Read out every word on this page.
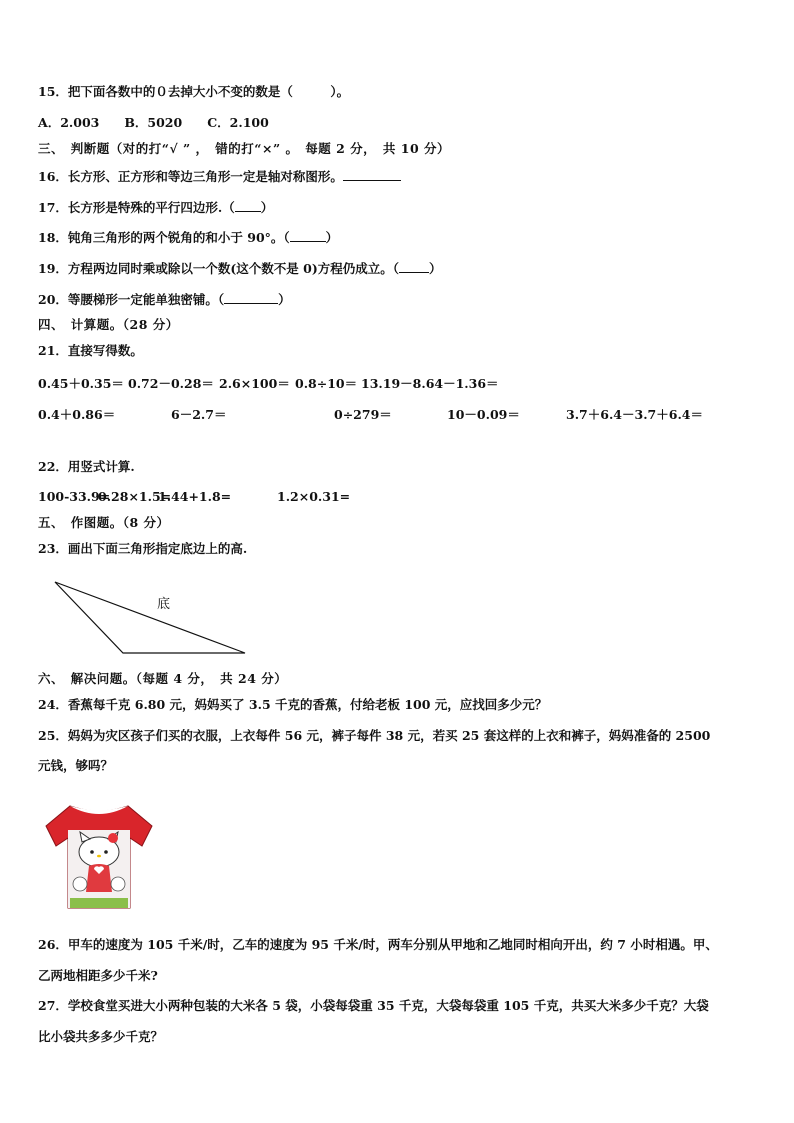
15．把下面各数中的０去掉大小不变的数是（　　　）。
A．2.003　　B．5020　　C．2.100
三、　判断题（对的打“√ ” ，　错的打“×” 。　每题 2 分，　共 10 分）
16．长方形、正方形和等边三角形一定是轴对称图形。
17．长方形是特殊的平行四边形.（ ）
18．钝角三角形的两个锐角的和小于 90°。（	）
19．方程两边同时乘或除以一个数(这个数不是 0)方程仍成立。（ ）
20．等腰梯形一定能单独密铺。（	）
四、　计算题。（28 分）
21．直接写得数。
0.45＋0.35＝ 0.72－0.28＝ 2.6×100＝ 0.8÷10＝ 13.19－8.64－1.36＝
0.4＋0.86＝	6－2.7＝	0÷279＝	10－0.09＝	3.7＋6.4－3.7＋6.4＝
22．用竖式计算.
100-33.9=
0.28×1.5=
1.44+1.8=	1.2×0.31=
五、　作图题。（8 分）
23．画出下面三角形指定底边上的高.
底
六、　解决问题。（每题 4 分，　共 24 分）
24．香蕉每千克 6.80 元，妈妈买了 3.5 千克的香蕉，付给老板 100 元，应找回多少元？
25．妈妈为灾区孩子们买的衣服，上衣每件 56 元，裤子每件 38 元，若买 25 套这样的上衣和裤子，妈妈准备的 2500
元钱，够吗？
26．甲车的速度为 105 千米/时，乙车的速度为 95 千米/时，两车分别从甲地和乙地同时相向开出，约 7 小时相遇。甲、
乙两地相距多少千米?
27．学校食堂买进大小两种包装的大米各 5 袋，小袋每袋重 35 千克，大袋每袋重 105 千克，共买大米多少千克？大袋
比小袋共多多少千克？
